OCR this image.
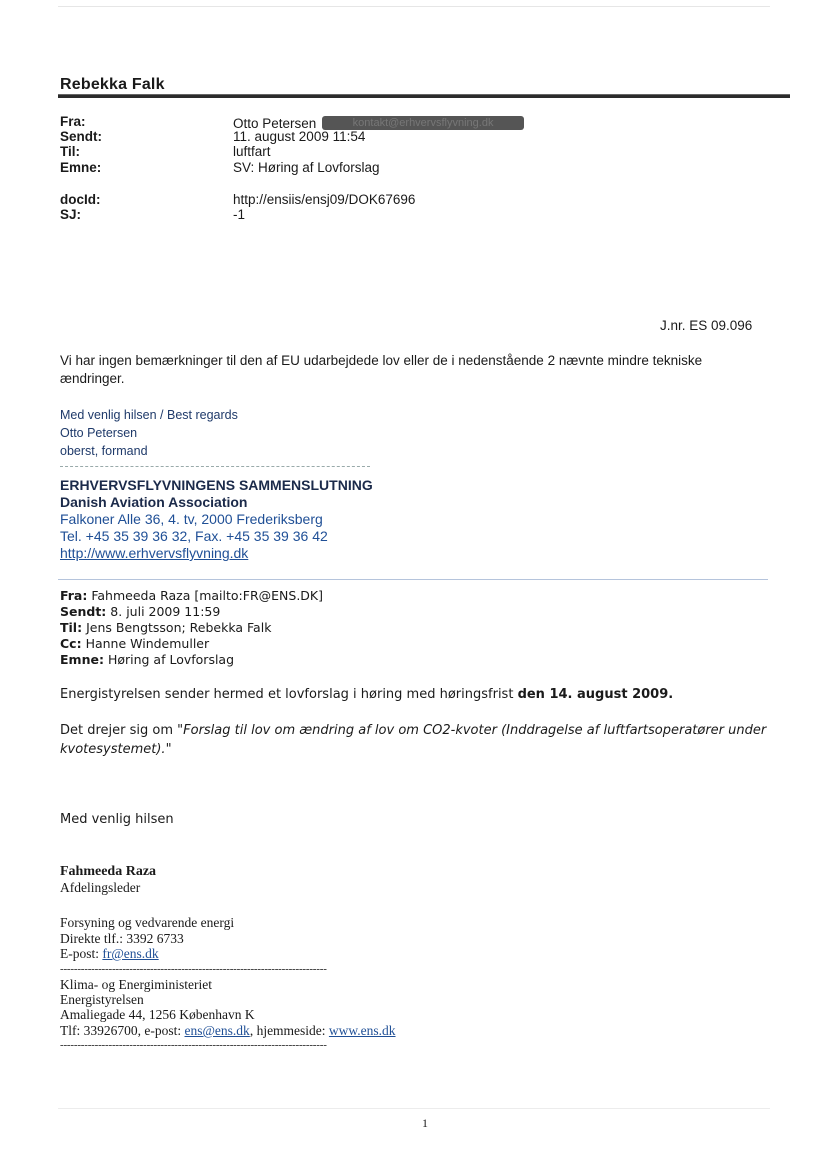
Rebekka Falk
Fra:	Otto Petersen	kontakt@erhvervsflyvning.dk
Sendt:	11. august 2009 11:54
Til:	luftfart
Emne:	SV: Høring af Lovforslag
docId:	http://ensiis/ensj09/DOK67696
SJ:	-1
J.nr. ES 09.096
Vi har ingen bemærkninger til den af EU udarbejdede lov eller de i nedenstående 2 nævnte mindre tekniske ændringer.
Med venlig hilsen / Best regards
Otto Petersen
oberst, formand
ERHVERVSFLYVNINGENS SAMMENSLUTNING
Danish Aviation Association
Falkoner Alle 36, 4. tv, 2000 Frederiksberg
Tel. +45 35 39 36 32, Fax. +45 35 39 36 42
http://www.erhvervsflyvning.dk
Fra: Fahmeeda Raza [mailto:FR@ENS.DK]
Sendt: 8. juli 2009 11:59
Til: Jens Bengtsson; Rebekka Falk
Cc: Hanne Windemuller
Emne: Høring af Lovforslag
Energistyrelsen sender hermed et lovforslag i høring med høringsfrist den 14. august 2009.
Det drejer sig om "Forslag til lov om ændring af lov om CO2-kvoter (Inddragelse af luftfartsoperatører under kvotesystemet)."
Med venlig hilsen
Fahmeeda Raza
Afdelingsleder
Forsyning og vedvarende energi
Direkte tlf.: 3392 6733
E-post: fr@ens.dk
-----------------------------------------------------------------------------
Klima- og Energiministeriet
Energistyrelsen
Amaliegade 44, 1256 København K
Tlf: 33926700, e-post: ens@ens.dk, hjemmeside: www.ens.dk
-----------------------------------------------------------------------------
1
